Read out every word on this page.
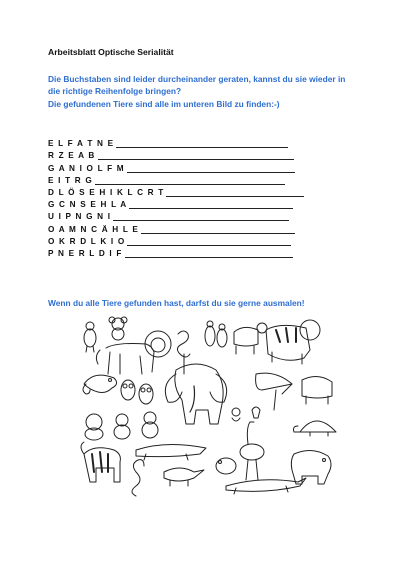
Arbeitsblatt Optische Serialität

Die Buchstaben sind leider durcheinander geraten, kannst du sie wieder in die richtige Reihenfolge bringen?

Die gefundenen Tiere sind alle im unteren Bild zu finden:-)

E L F A T N E
R Z E A B
G A N I O L F M
E I T R G
D L Ö S E H I K L C R T
G C N S E H L A
U I P N G N I
O A M N C Ä H L E
O K R D L K I O
P N E R L D I F
Wenn du alle Tiere gefunden hast, darfst du sie gerne ausmalen!
